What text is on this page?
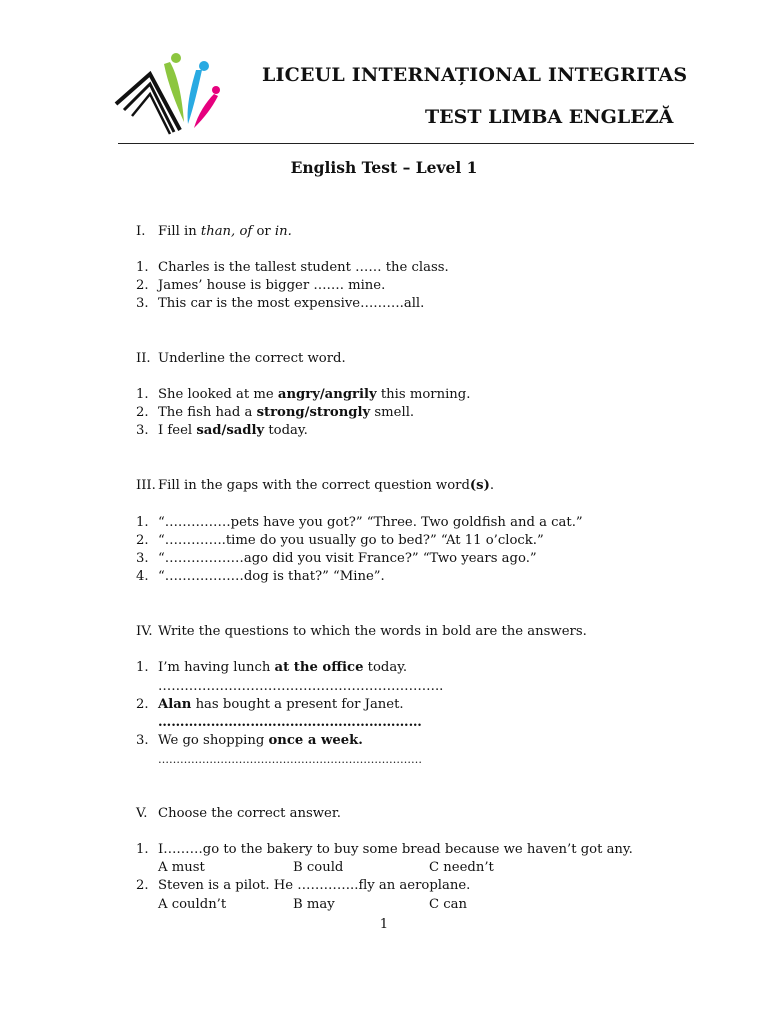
LICEUL INTERNAȚIONAL INTEGRITAS
TEST LIMBA ENGLEZĂ
English Test – Level 1
I. Fill in than, of or in.
1. Charles is the tallest student …… the class.
2. James’ house is bigger ……. mine.
3. This car is the most expensive……….all.
II. Underline the correct word.
1. She looked at me angry/angrily this morning.
2. The fish had a strong/strongly smell.
3. I feel sad/sadly today.
III. Fill in the gaps with the correct question word(s).
1. “……………pets have you got?” “Three. Two goldfish and a cat.”
2. “…………..time do you usually go to bed?” “At 11 o’clock.”
3. “………………ago did you visit France?” “Two years ago.”
4. “………………dog is that?” “Mine”.
IV. Write the questions to which the words in bold are the answers.
1. I’m having lunch at the office today.
………………………………………………………..
2. Alan has bought a present for Janet.
……………………………………………………
3. We go shopping once a week.
………………………………………………………………
V. Choose the correct answer.
1. I………go to the bakery to buy some bread because we haven’t got any.
A must	B could	C needn’t
2. Steven is a pilot. He …………..fly an aeroplane.
A couldn’t	B may	C can
1
